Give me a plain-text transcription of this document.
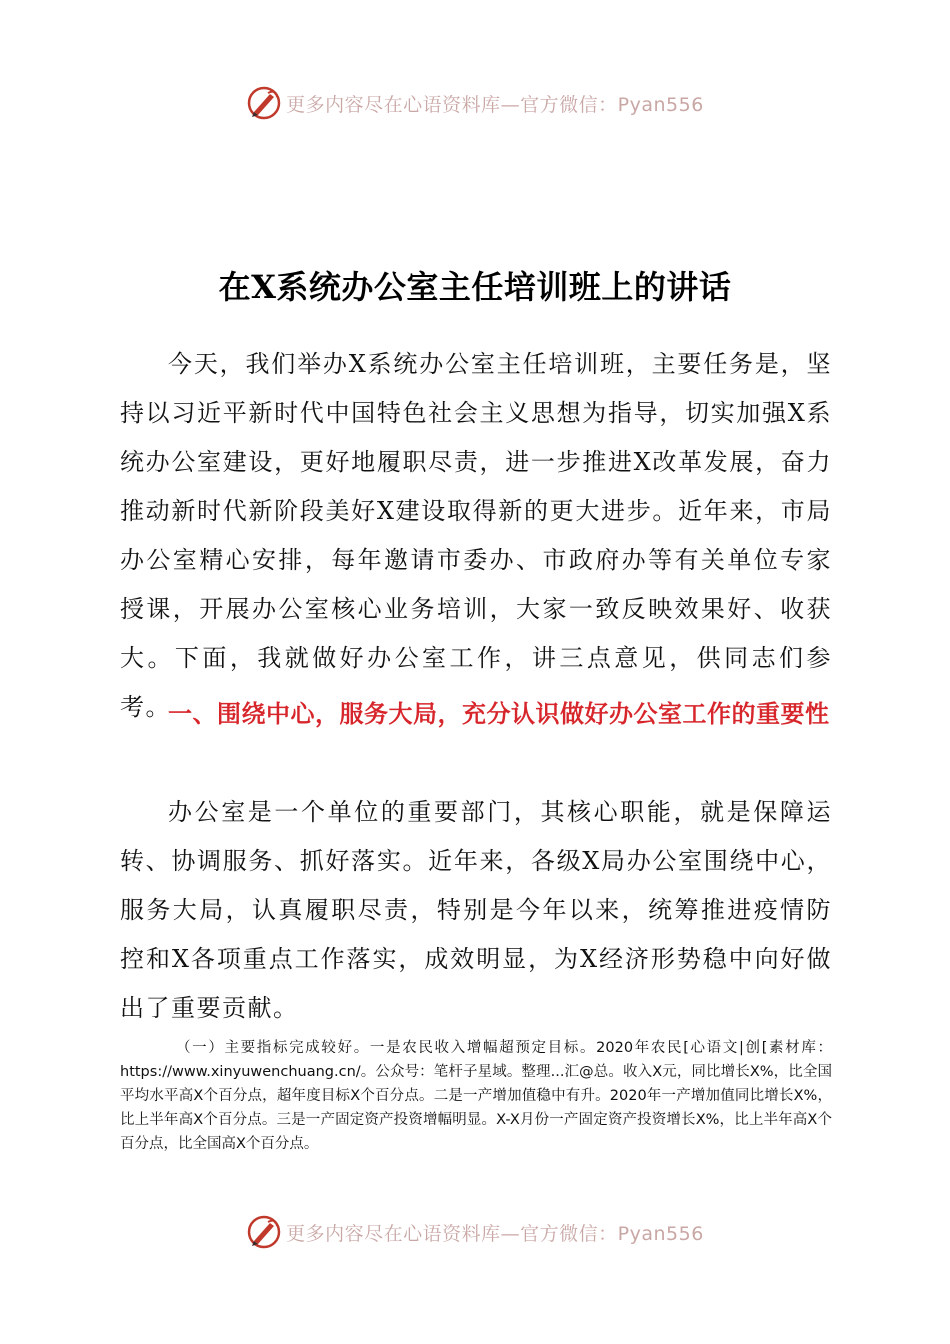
更多内容尽在心语资料库—官方微信：Pyan556
在X系统办公室主任培训班上的讲话

今天，我们举办X系统办公室主任培训班，主要任务是，坚持以习近平新时代中国特色社会主义思想为指导，切实加强X系统办公室建设，更好地履职尽责，进一步推进X改革发展，奋力推动新时代新阶段美好X建设取得新的更大进步。近年来，市局办公室精心安排，每年邀请市委办、市政府办等有关单位专家授课，开展办公室核心业务培训，大家一致反映效果好、收获大。下面，我就做好办公室工作，讲三点意见，供同志们参考。

一、围绕中心，服务大局，充分认识做好办公室工作的重要性

办公室是一个单位的重要部门，其核心职能，就是保障运转、协调服务、抓好落实。近年来，各级X局办公室围绕中心，服务大局，认真履职尽责，特别是今年以来，统筹推进疫情防控和X各项重点工作落实，成效明显，为X经济形势稳中向好做出了重要贡献。

（一）主要指标完成较好。一是农民收入增幅超预定目标。2020年农民[心语文|创[素材库：https://www.xinyuwenchuang.cn/。公众号：笔杆子星域。整理...汇@总。收入X元，同比增长X%，比全国平均水平高X个百分点，超年度目标X个百分点。二是一产增加值稳中有升。2020年一产增加值同比增长X%，比上半年高X个百分点。三是一产固定资产投资增幅明显。X-X月份一产固定资产投资增长X%，比上半年高X个百分点，比全国高X个百分点。
更多内容尽在心语资料库—官方微信：Pyan556
